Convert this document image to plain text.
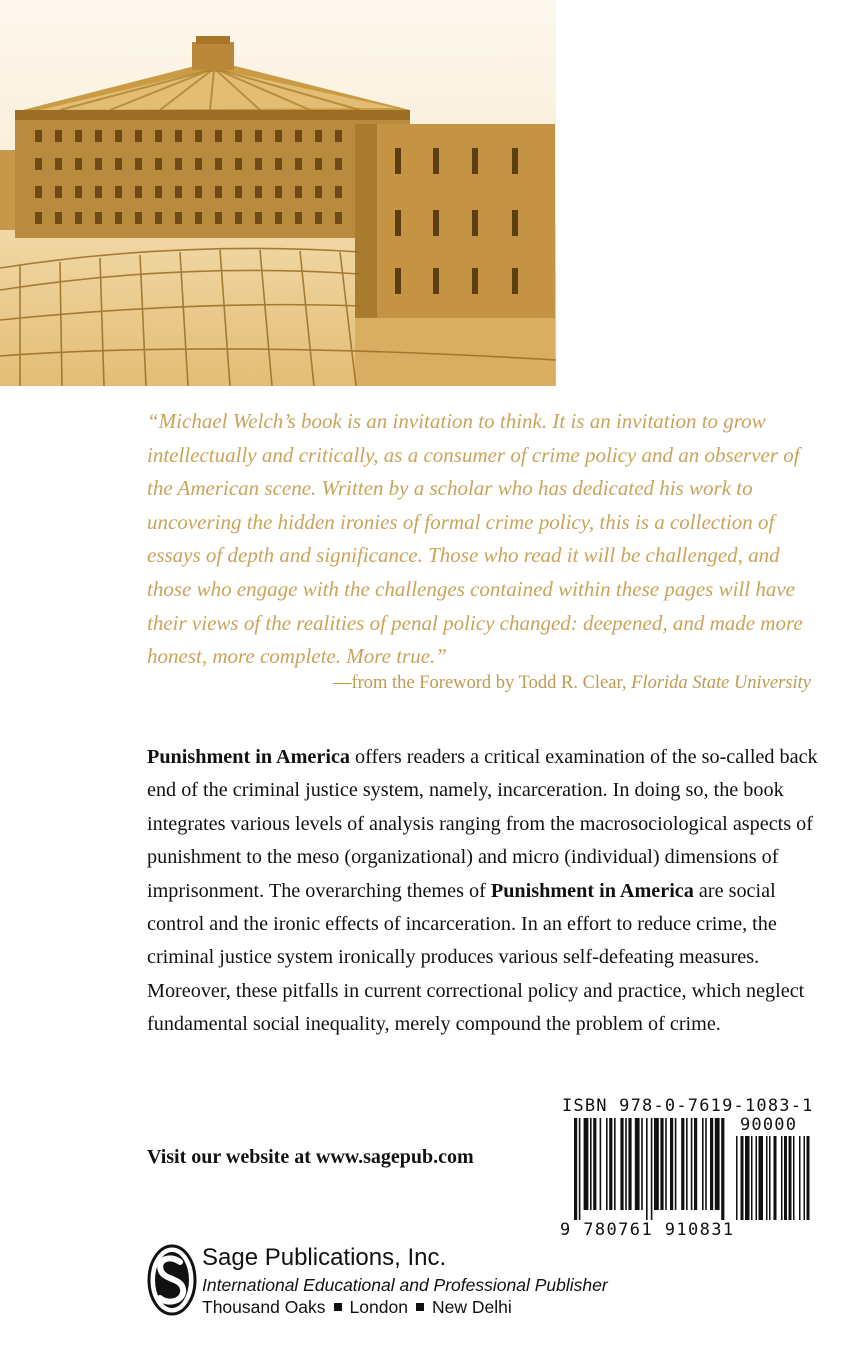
“Michael Welch’s book is an invitation to think. It is an invitation to grow intellectually and critically, as a consumer of crime policy and an observer of the American scene. Written by a scholar who has dedicated his work to uncovering the hidden ironies of formal crime policy, this is a collection of essays of depth and significance. Those who read it will be challenged, and those who engage with the challenges contained within these pages will have their views of the realities of penal policy changed: deepened, and made more honest, more complete. More true.”

—from the Foreword by Todd R. Clear, Florida State University

Punishment in America offers readers a critical examination of the so-called back end of the criminal justice system, namely, incarceration. In doing so, the book integrates various levels of analysis ranging from the macrosociological aspects of punishment to the meso (organizational) and micro (individual) dimensions of imprisonment. The overarching themes of Punishment in America are social control and the ironic effects of incarceration. In an effort to reduce crime, the criminal justice system ironically produces various self-defeating measures. Moreover, these pitfalls in current correctional policy and practice, which neglect fundamental social inequality, merely compound the problem of crime.

Visit our website at www.sagepub.com
ISBN 978-0-7619-1083-1
90000
9 780761 910831
Sage Publications, Inc.
International Educational and Professional Publisher
Thousand Oaks London New Delhi
